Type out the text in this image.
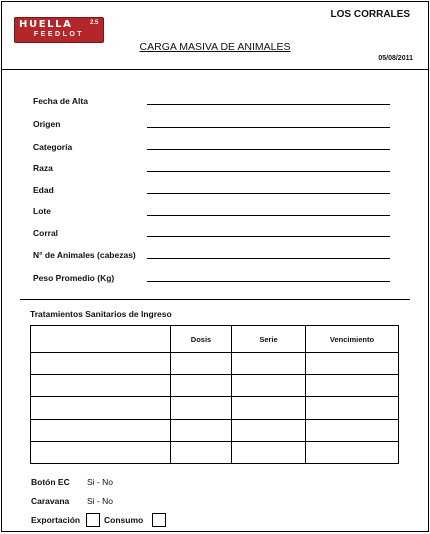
HUELLA	2.5
FEEDLOT
LOS CORRALES
CARGA MASIVA DE ANIMALES
05/08/2011
Fecha de Alta
Origen
Categoría
Raza
Edad
Lote
Corral
N° de Animales (cabezas)
Peso Promedio (Kg)
Tratamientos Sanitarios de Ingreso
	Dosis	Serie	Vencimiento

Botón EC Si - No
Caravana Si - No
Exportación	Consumo
